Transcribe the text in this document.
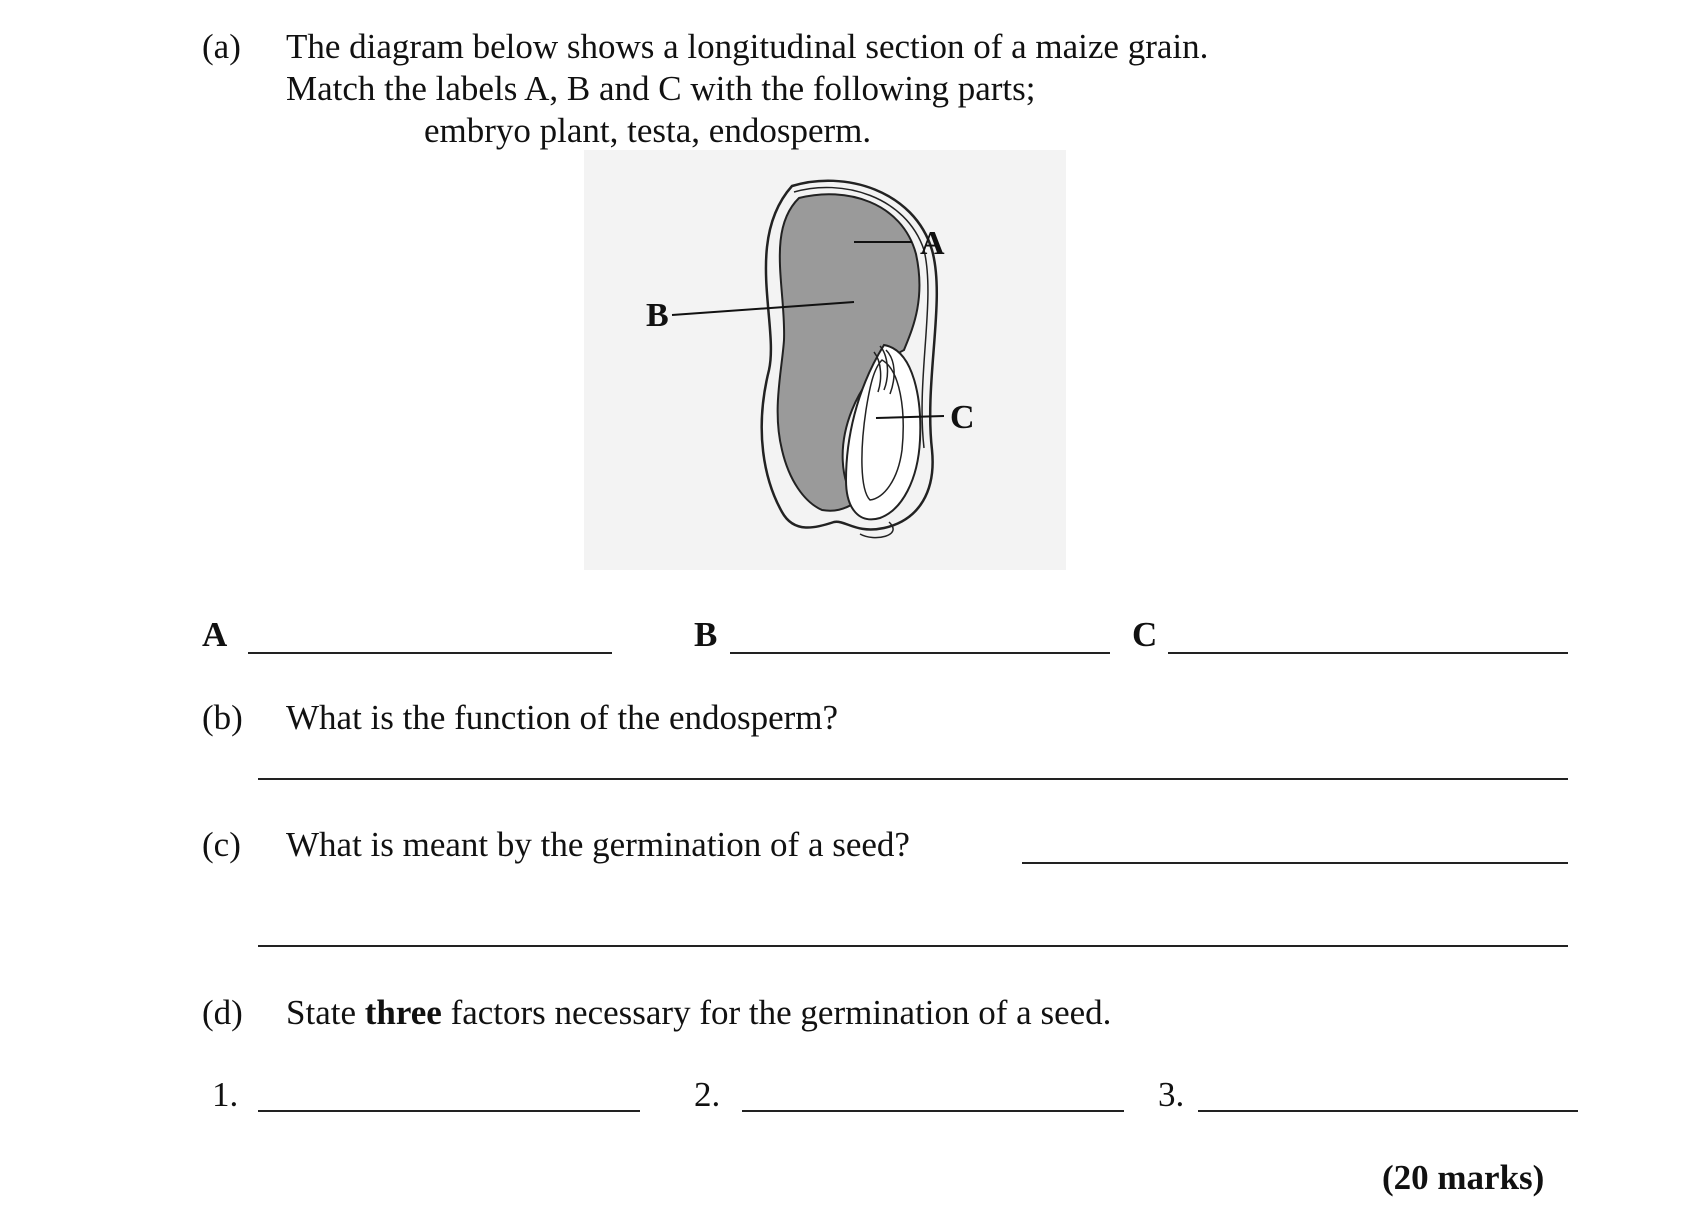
(a) The diagram below shows a longitudinal section of a maize grain.
Match the labels A, B and C with the following parts;
embryo plant, testa, endosperm.
A
B
C
A	B	C
(b) What is the function of the endosperm?
(c) What is meant by the germination of a seed?
(d) State three factors necessary for the germination of a seed.
1.	2.	3.
(20 marks)
